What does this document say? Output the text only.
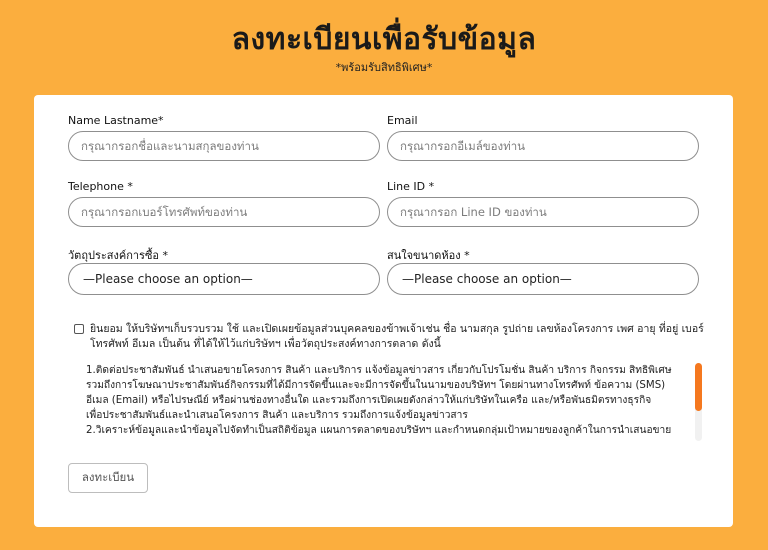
ลงทะเบียนเพื่อรับข้อมูล
*พร้อมรับสิทธิพิเศษ*
Name Lastname*
กรุณากรอกชื่อและนามสกุลของท่าน	Email
กรุณากรอกอีเมล์ของท่าน
Telephone *
กรุณากรอกเบอร์โทรศัพท์ของท่าน	Line ID *
กรุณากรอก Line ID ของท่าน
วัตถุประสงค์การซื้อ *
—Please choose an option—
สนใจขนาดห้อง *
—Please choose an option—
ยินยอม ให้บริษัทฯเก็บรวบรวม ใช้ และเปิดเผยข้อมูลส่วนบุคคลของข้าพเจ้าเช่น ชื่อ นามสกุล รูปถ่าย เลขห้องโครงการ เพศ อายุ ที่อยู่ เบอร์โทรศัพท์ อีเมล เป็นต้น ที่ได้ให้ไว้แก่บริษัทฯ เพื่อวัตถุประสงค์ทางการตลาด ดังนี้

1.ติดต่อประชาสัมพันธ์ นำเสนอขายโครงการ สินค้า และบริการ แจ้งข้อมูลข่าวสาร เกี่ยวกับโปรโมชั่น สินค้า บริการ กิจกรรม สิทธิพิเศษ

รวมถึงการโฆษณาประชาสัมพันธ์กิจกรรมที่ได้มีการจัดขึ้นและจะมีการจัดขึ้นในนามของบริษัทฯ โดยผ่านทางโทรศัพท์ ข้อความ (SMS)

อีเมล (Email) หรือไปรษณีย์ หรือผ่านช่องทางอื่นใด และรวมถึงการเปิดเผยดังกล่าวให้แก่บริษัทในเครือ และ/หรือพันธมิตรทางธุรกิจ

เพื่อประชาสัมพันธ์และนำเสนอโครงการ สินค้า และบริการ รวมถึงการแจ้งข้อมูลข่าวสาร

2.วิเคราะห์ข้อมูลและนำข้อมูลไปจัดทำเป็นสถิติข้อมูล แผนการตลาดของบริษัทฯ และกำหนดกลุ่มเป้าหมายของลูกค้าในการนำเสนอขาย

ลงทะเบียน
